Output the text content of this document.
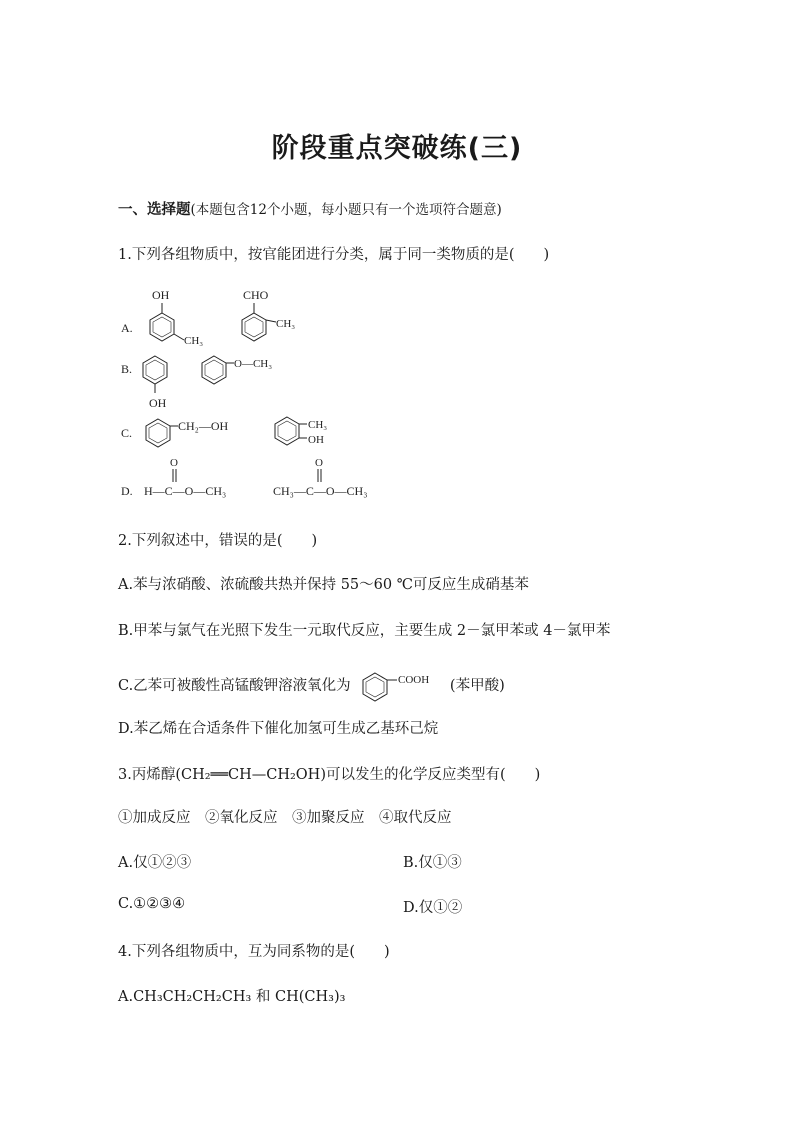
阶段重点突破练(三)
一、选择题(本题包含12个小题，每小题只有一个选项符合题意)
1.下列各组物质中，按官能团进行分类，属于同一类物质的是(　　)
A.
B.
C.
D.
OH
CH₃
CHO
CH₃
OH
O—CH₃
CH₂—OH	CH₃
OH
O
H—C—O—CH₃
O
CH₃—C—O—CH₃
2.下列叙述中，错误的是(　　)
A.苯与浓硝酸、浓硫酸共热并保持 55～60 ℃可反应生成硝基苯
B.甲苯与氯气在光照下发生一元取代反应，主要生成 2－氯甲苯或 4－氯甲苯
C.乙苯可被酸性高锰酸钾溶液氧化为	COOH (苯甲酸)
D.苯乙烯在合适条件下催化加氢可生成乙基环己烷
3.丙烯醇(CH₂══CH—CH₂OH)可以发生的化学反应类型有(　　)
①加成反应　②氧化反应　③加聚反应　④取代反应
A.仅①②③	B.仅①③
C.①②③④	D.仅①②
4.下列各组物质中，互为同系物的是(　　)
A.CH₃CH₂CH₂CH₃ 和 CH(CH₃)₃
